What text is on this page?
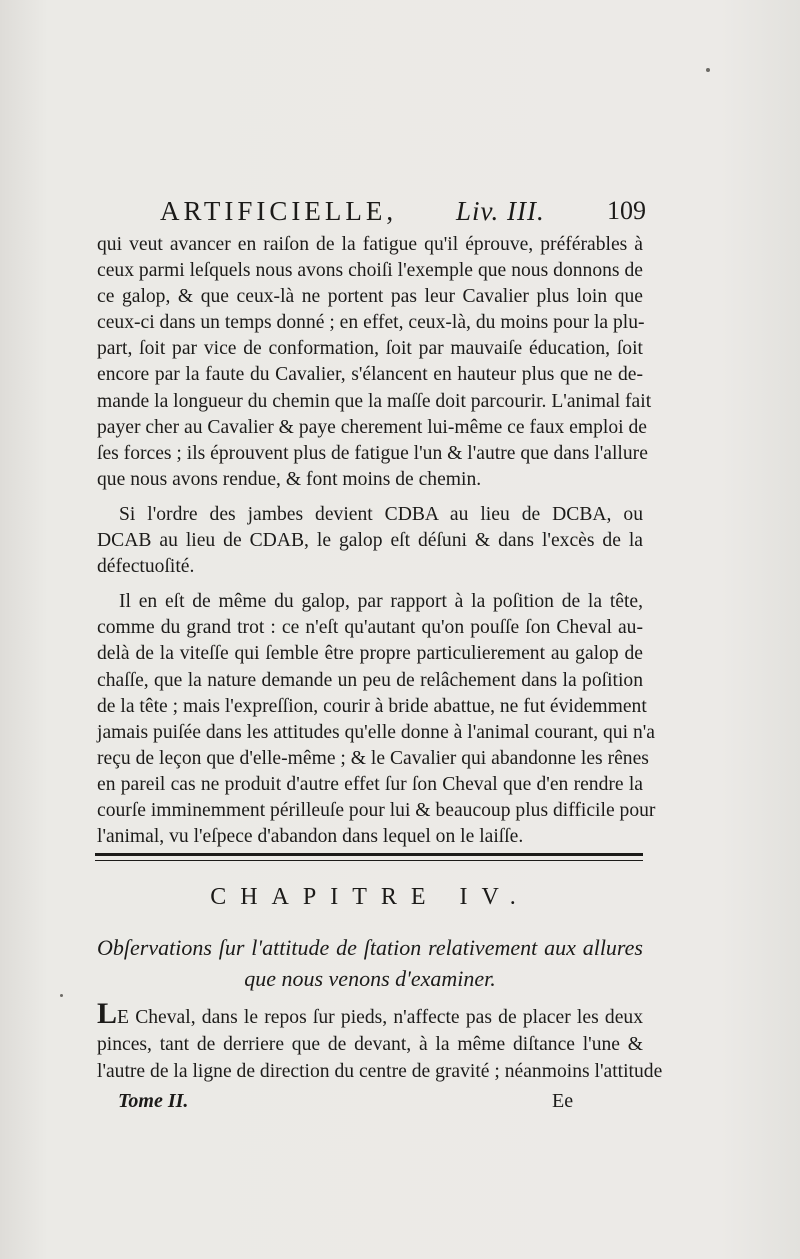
ARTIFICIELLE, Liv. III. 109
qui veut avancer en raiſon de la fatigue qu'il éprouve, préférables à
ceux parmi leſquels nous avons choiſi l'exemple que nous donnons de
ce galop, & que ceux-là ne portent pas leur Cavalier plus loin que
ceux-ci dans un temps donné ; en effet, ceux-là, du moins pour la plu-
part, ſoit par vice de conformation, ſoit par mauvaiſe éducation, ſoit
encore par la faute du Cavalier, s'élancent en hauteur plus que ne de-
mande la longueur du chemin que la maſſe doit parcourir. L'animal fait
payer cher au Cavalier & paye cherement lui-même ce faux emploi de
ſes forces ; ils éprouvent plus de fatigue l'un & l'autre que dans l'allure
que nous avons rendue, & font moins de chemin.
Si l'ordre des jambes devient CDBA au lieu de DCBA, ou
DCAB au lieu de CDAB, le galop eſt déſuni & dans l'excès de la
défectuoſité.
Il en eſt de même du galop, par rapport à la poſition de la tête,
comme du grand trot : ce n'eſt qu'autant qu'on pouſſe ſon Cheval au-
delà de la viteſſe qui ſemble être propre particulierement au galop de
chaſſe, que la nature demande un peu de relâchement dans la poſition
de la tête ; mais l'expreſſion, courir à bride abattue, ne fut évidemment
jamais puiſée dans les attitudes qu'elle donne à l'animal courant, qui n'a
reçu de leçon que d'elle-même ; & le Cavalier qui abandonne les rênes
en pareil cas ne produit d'autre effet ſur ſon Cheval que d'en rendre la
courſe imminemment périlleuſe pour lui & beaucoup plus difficile pour
l'animal, vu l'eſpece d'abandon dans lequel on le laiſſe.
CHAPITRE IV.
Obſervations ſur l'attitude de ſtation relativement aux allures
que nous venons d'examiner.
LE Cheval, dans le repos ſur pieds, n'affecte pas de placer les deux
pinces, tant de derriere que de devant, à la même diſtance l'une &
l'autre de la ligne de direction du centre de gravité ; néanmoins l'attitude
Tome II.	Ee
